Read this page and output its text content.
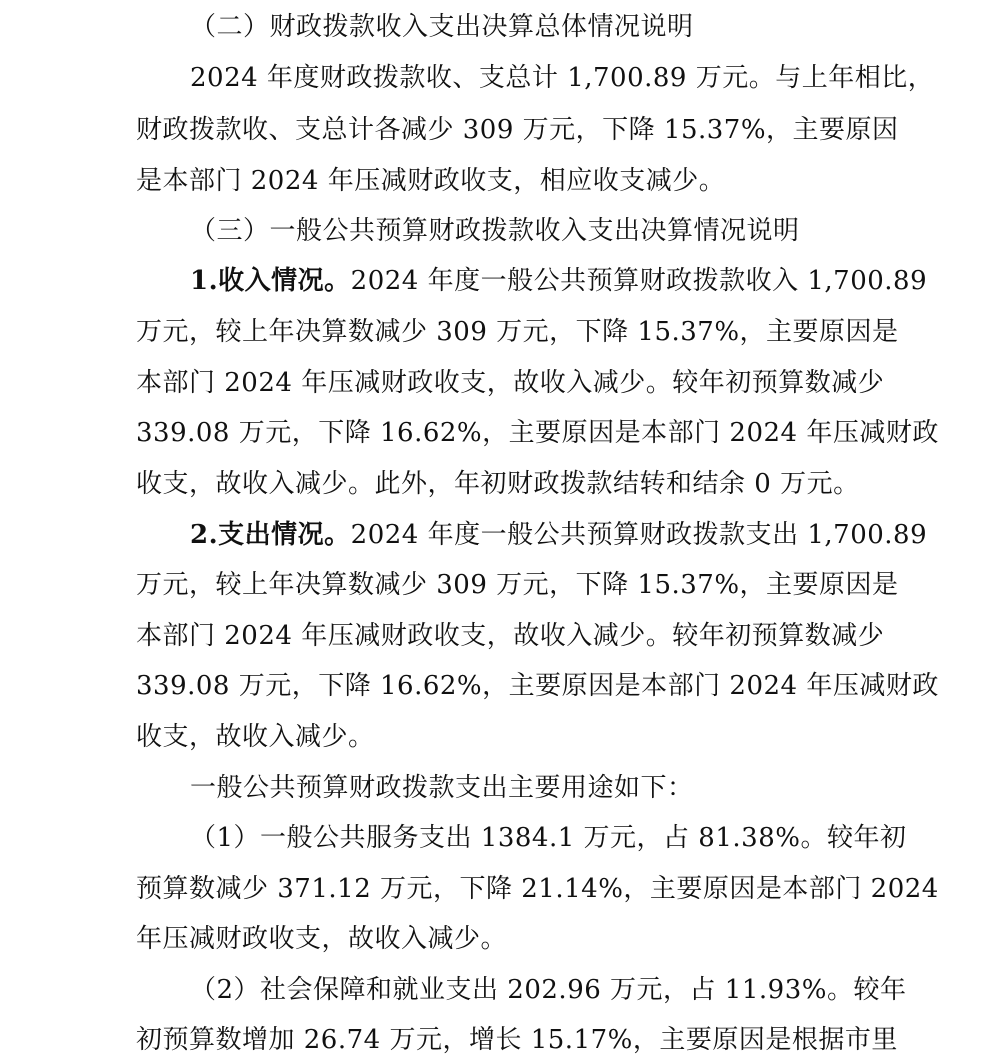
（二）财政拨款收入支出决算总体情况说明
2024 年度财政拨款收、支总计 1,700.89 万元。与上年相比，
财政拨款收、支总计各减少 309 万元，下降 15.37%，主要原因
是本部门 2024 年压减财政收支，相应收支减少。
（三）一般公共预算财政拨款收入支出决算情况说明
1.收入情况。2024 年度一般公共预算财政拨款收入 1,700.89
万元，较上年决算数减少 309 万元，下降 15.37%，主要原因是
本部门 2024 年压减财政收支，故收入减少。较年初预算数减少
339.08 万元，下降 16.62%，主要原因是本部门 2024 年压减财政
收支，故收入减少。此外，年初财政拨款结转和结余 0 万元。
2.支出情况。2024 年度一般公共预算财政拨款支出 1,700.89
万元，较上年决算数减少 309 万元，下降 15.37%，主要原因是
本部门 2024 年压减财政收支，故收入减少。较年初预算数减少
339.08 万元，下降 16.62%，主要原因是本部门 2024 年压减财政
收支，故收入减少。
一般公共预算财政拨款支出主要用途如下：
（1）一般公共服务支出 1384.1 万元，占 81.38%。较年初
预算数减少 371.12 万元，下降 21.14%，主要原因是本部门 2024
年压减财政收支，故收入减少。
（2）社会保障和就业支出 202.96 万元，占 11.93%。较年
初预算数增加 26.74 万元，增长 15.17%，主要原因是根据市里
